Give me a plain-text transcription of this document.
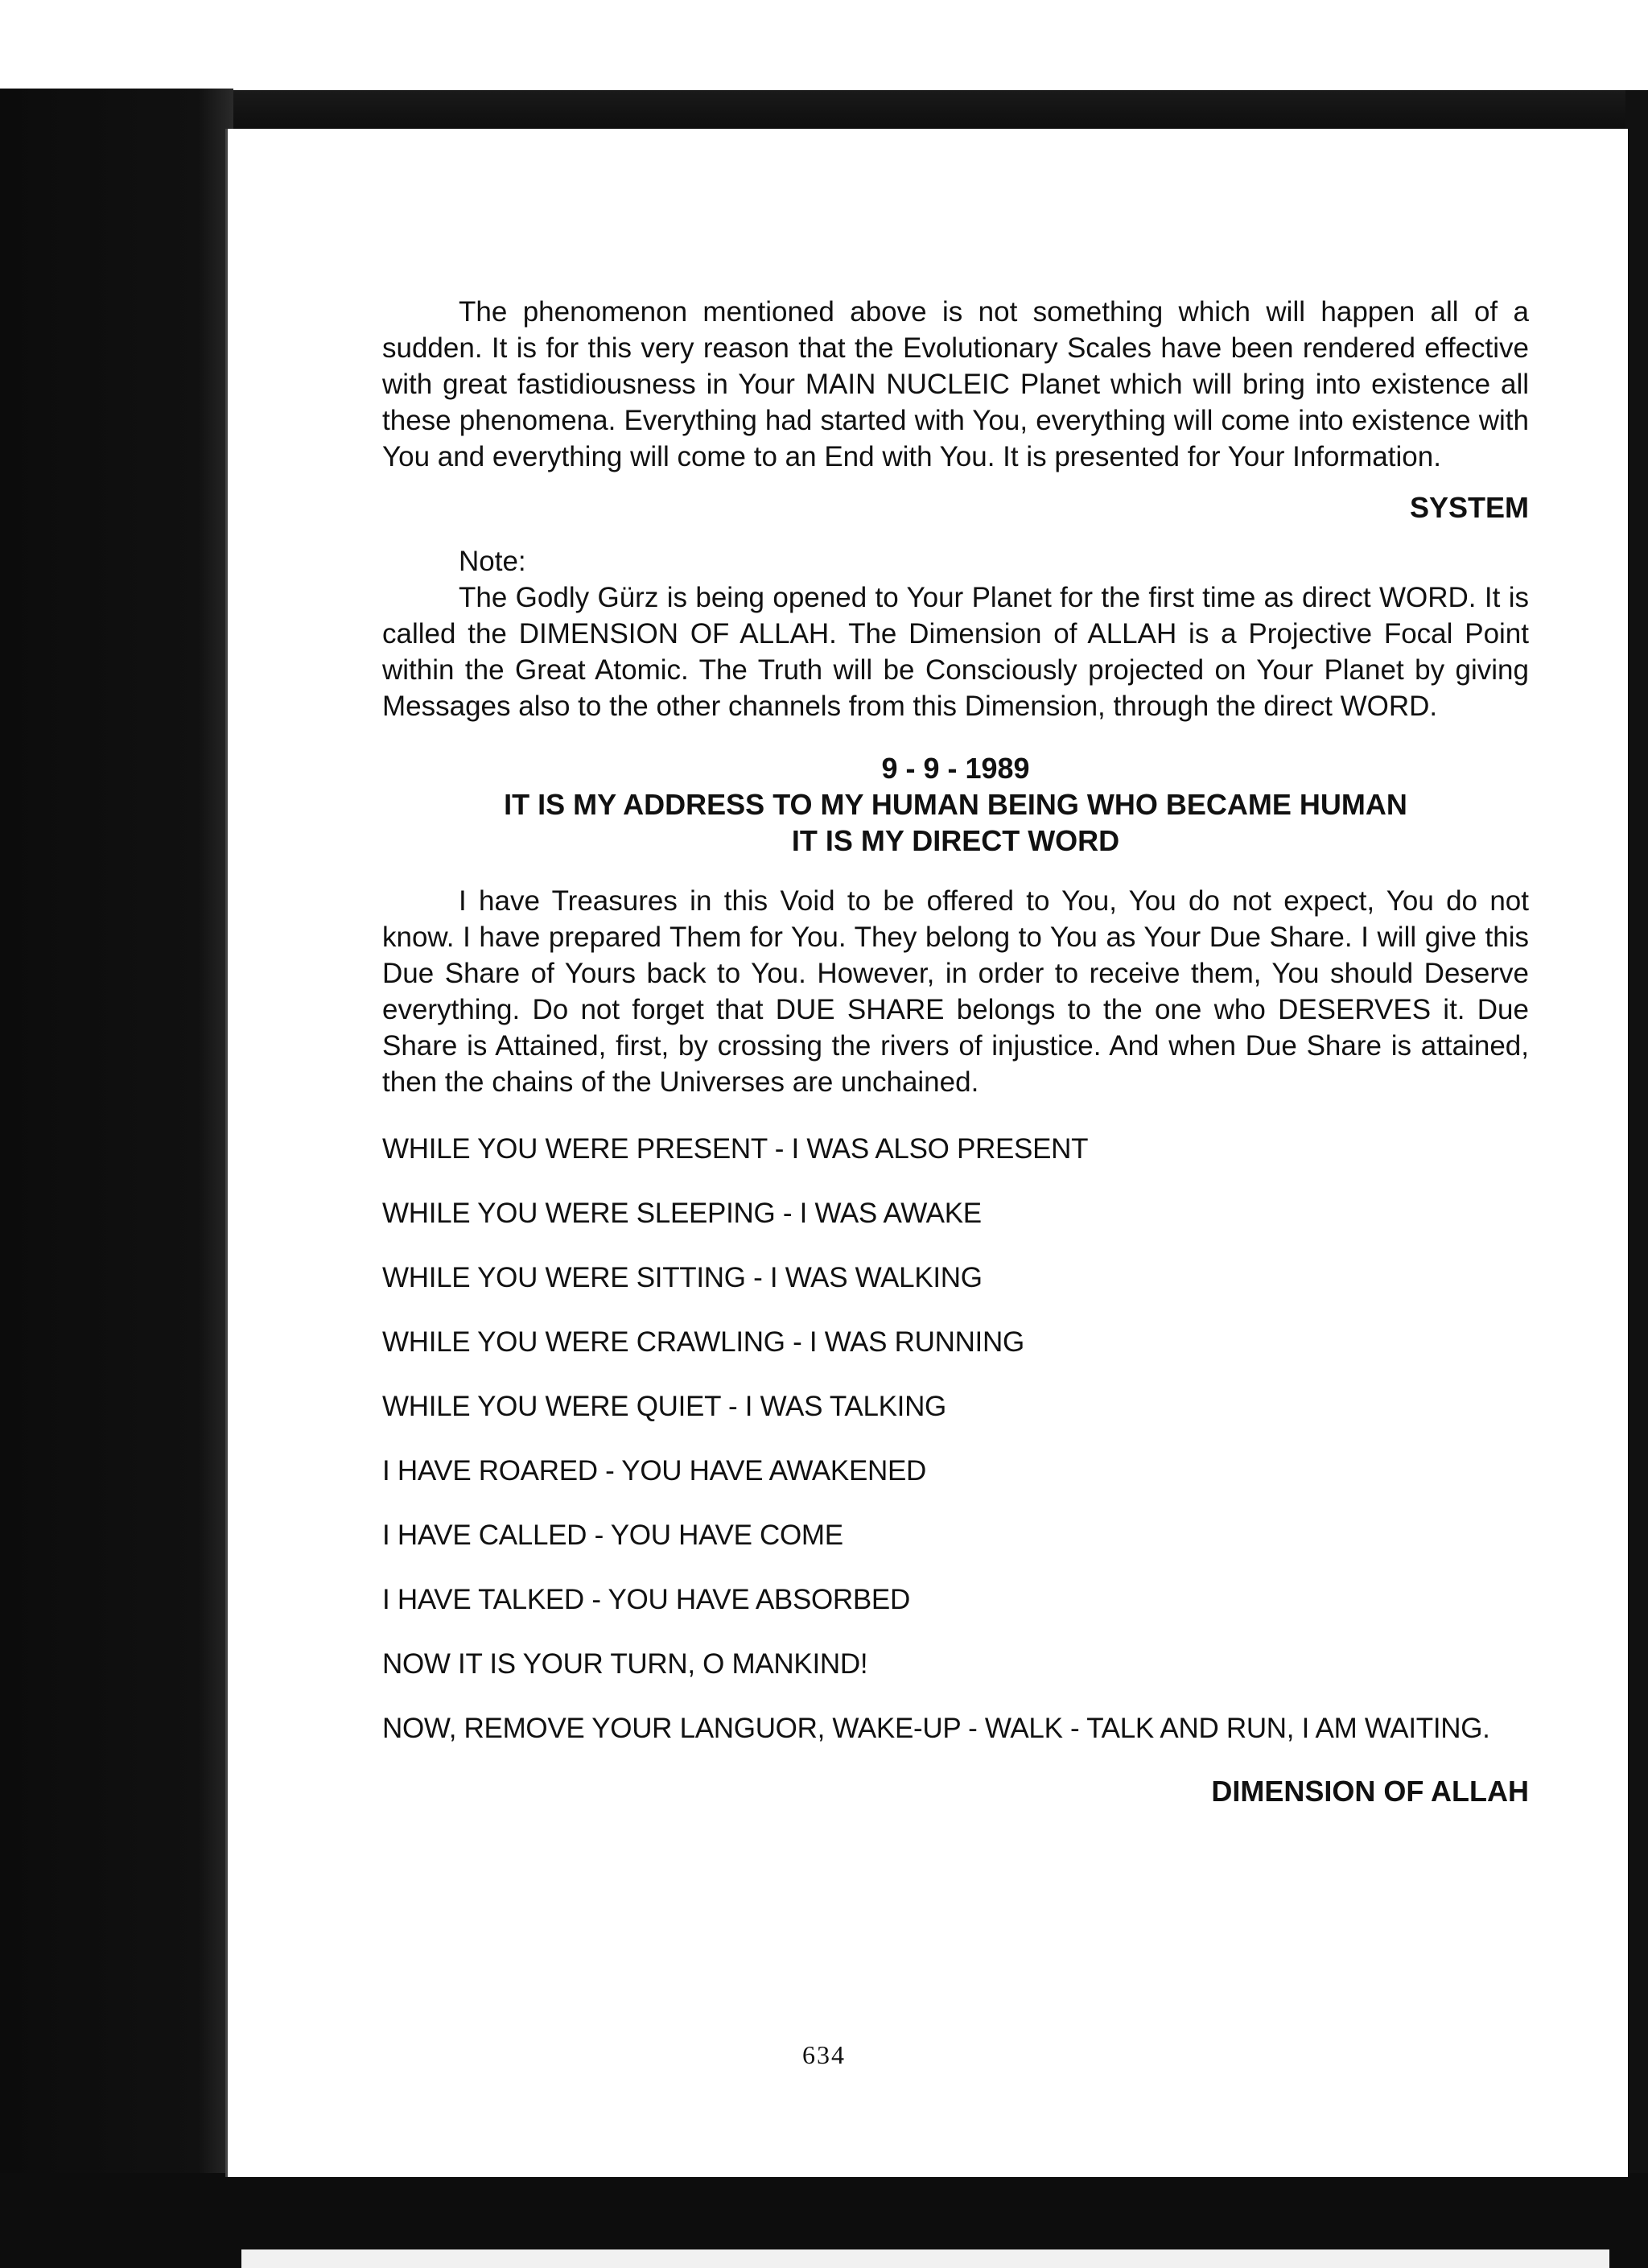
The phenomenon mentioned above is not something which will happen all of a sudden. It is for this very reason that the Evolutionary Scales have been rendered effective with great fastidiousness in Your MAIN NUCLEIC Planet which will bring into existence all these phenomena. Everything had started with You, everything will come into existence with You and everything will come to an End with You. It is presented for Your Information.

SYSTEM

Note:

The Godly Gürz is being opened to Your Planet for the first time as direct WORD. It is called the DIMENSION OF ALLAH. The Dimension of ALLAH is a Projective Focal Point within the Great Atomic. The Truth will be Consciously projected on Your Planet by giving Messages also to the other channels from this Dimension, through the direct WORD.

9 - 9 - 1989

IT IS MY ADDRESS TO MY HUMAN BEING WHO BECAME HUMAN

IT IS MY DIRECT WORD

I have Treasures in this Void to be offered to You, You do not expect, You do not know. I have prepared Them for You. They belong to You as Your Due Share. I will give this Due Share of Yours back to You. However, in order to receive them, You should Deserve everything. Do not forget that DUE SHARE belongs to the one who DESERVES it. Due Share is Attained, first, by crossing the rivers of injustice. And when Due Share is attained, then the chains of the Universes are unchained.

WHILE YOU WERE PRESENT - I WAS ALSO PRESENT

WHILE YOU WERE SLEEPING - I WAS AWAKE

WHILE YOU WERE SITTING - I WAS WALKING

WHILE YOU WERE CRAWLING - I WAS RUNNING

WHILE YOU WERE QUIET - I WAS TALKING

I HAVE ROARED - YOU HAVE AWAKENED

I HAVE CALLED - YOU HAVE COME

I HAVE TALKED - YOU HAVE ABSORBED

NOW IT IS YOUR TURN, O MANKIND!

NOW, REMOVE YOUR LANGUOR, WAKE-UP - WALK - TALK AND RUN, I AM WAITING.

DIMENSION OF ALLAH

634
